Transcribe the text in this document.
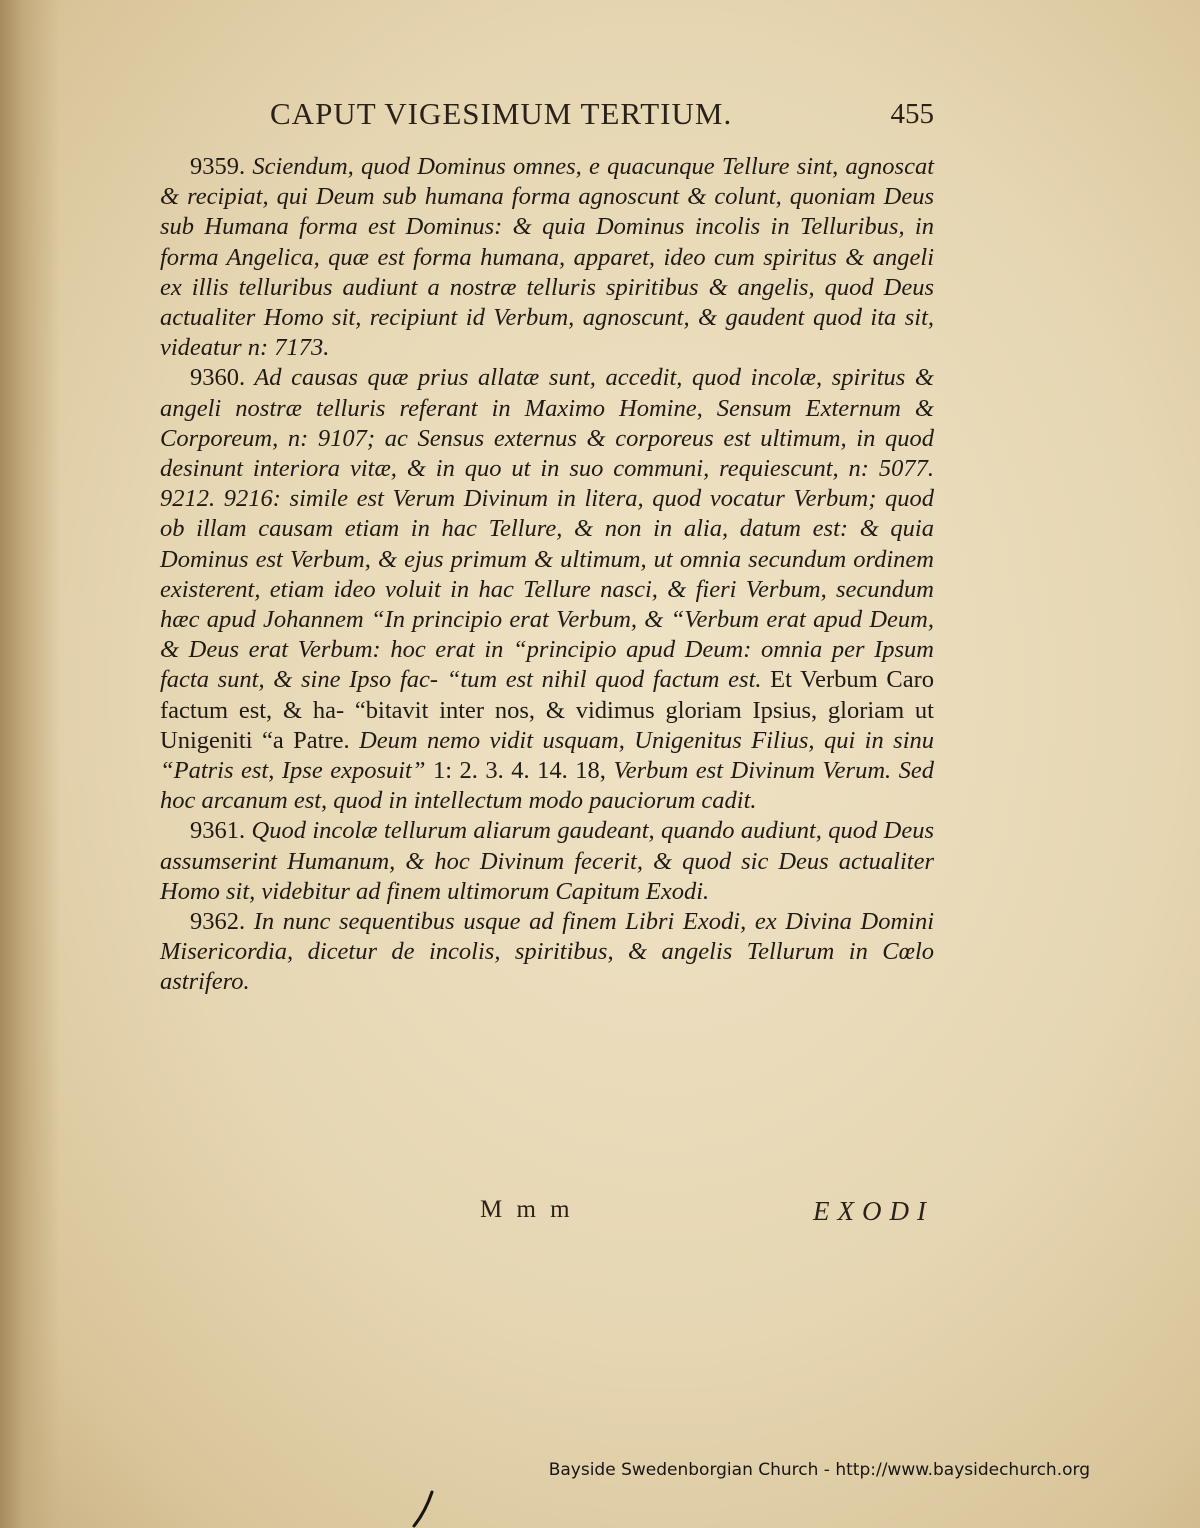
CAPUT VIGESIMUM TERTIUM.	455

9359. Sciendum, quod Dominus omnes, e quacunque Tellure sint, agnoscat & recipiat, qui Deum sub humana forma agnoscunt & colunt, quoniam Deus sub Humana forma est Dominus: & quia Dominus incolis in Telluribus, in forma Angelica, quæ est forma humana, apparet, ideo cum spiritus & angeli ex illis telluribus audiunt a nostræ telluris spiritibus & angelis, quod Deus actualiter Homo sit, recipiunt id Verbum, agnoscunt, & gaudent quod ita sit, videatur n: 7173.

9360. Ad causas quæ prius allatæ sunt, accedit, quod incolæ, spiritus & angeli nostræ telluris referant in Maximo Homine, Sensum Externum & Corporeum, n: 9107; ac Sensus externus & corporeus est ultimum, in quod desinunt interiora vitæ, & in quo ut in suo communi, requiescunt, n: 5077. 9212. 9216: simile est Verum Divinum in litera, quod vocatur Verbum; quod ob illam causam etiam in hac Tellure, & non in alia, datum est: & quia Dominus est Verbum, & ejus primum & ultimum, ut omnia secundum ordinem existerent, etiam ideo voluit in hac Tellure nasci, & fieri Verbum, secundum hæc apud Johannem “In principio erat Verbum, & “Verbum erat apud Deum, & Deus erat Verbum: hoc erat in “principio apud Deum: omnia per Ipsum facta sunt, & sine Ipso fac- “tum est nihil quod factum est. Et Verbum Caro factum est, & ha- “bitavit inter nos, & vidimus gloriam Ipsius, gloriam ut Unigeniti “a Patre. Deum nemo vidit usquam, Unigenitus Filius, qui in sinu “Patris est, Ipse exposuit” 1: 2. 3. 4. 14. 18, Verbum est Divinum Verum. Sed hoc arcanum est, quod in intellectum modo pauciorum cadit.

9361. Quod incolæ tellurum aliarum gaudeant, quando audiunt, quod Deus assumserint Humanum, & hoc Divinum fecerit, & quod sic Deus actualiter Homo sit, videbitur ad finem ultimorum Capitum Exodi.

9362. In nunc sequentibus usque ad finem Libri Exodi, ex Divina Domini Misericordia, dicetur de incolis, spiritibus, & angelis Tellurum in Cœlo astrifero.

M m m	EXODI
Bayside Swedenborgian Church - http://www.baysidechurch.org
